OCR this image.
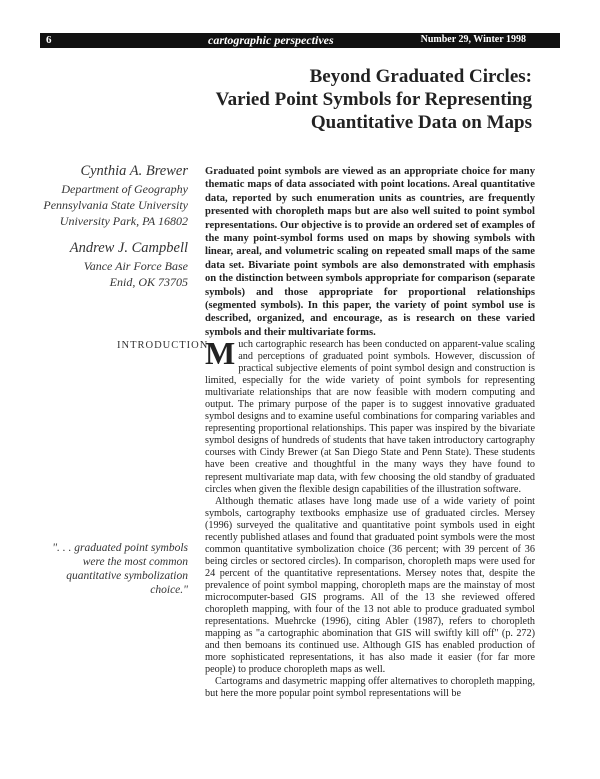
6	cartographic perspectives	Number 29, Winter 1998
Beyond Graduated Circles:
Varied Point Symbols for Representing
Quantitative Data on Maps
Cynthia A. Brewer
Department of Geography
Pennsylvania State University
University Park, PA 16802
Andrew J. Campbell
Vance Air Force Base
Enid, OK 73705
Graduated point symbols are viewed as an appropriate choice for many thematic maps of data associated with point locations. Areal quantitative data, reported by such enumeration units as countries, are frequently presented with choropleth maps but are also well suited to point symbol representations. Our objective is to provide an ordered set of examples of the many point-symbol forms used on maps by showing symbols with linear, areal, and volumetric scaling on repeated small maps of the same data set. Bivariate point symbols are also demonstrated with emphasis on the distinction between symbols appropriate for comparison (separate symbols) and those appropriate for proportional relationships (segmented symbols). In this paper, the variety of point symbol use is described, organized, and encourage, as is research on these varied symbols and their multivariate forms.
INTRODUCTION
". . . graduated point symbols were the most common quantitative symbolization choice."

Much cartographic research has been conducted on apparent-value scaling and perceptions of graduated point symbols. However, discussion of practical subjective elements of point symbol design and construction is limited, especially for the wide variety of point symbols for representing multivariate relationships that are now feasible with modern computing and output. The primary purpose of the paper is to suggest innovative graduated symbol designs and to examine useful combinations for comparing variables and representing proportional relationships. This paper was inspired by the bivariate symbol designs of hundreds of students that have taken introductory cartography courses with Cindy Brewer (at San Diego State and Penn State). These students have been creative and thoughtful in the many ways they have found to represent multivariate map data, with few choosing the old standby of graduated circles when given the flexible design capabilities of the illustration software.

Although thematic atlases have long made use of a wide variety of point symbols, cartography textbooks emphasize use of graduated circles. Mersey (1996) surveyed the qualitative and quantitative point symbols used in eight recently published atlases and found that graduated point symbols were the most common quantitative symbolization choice (36 percent; with 39 percent of 36 being circles or sectored circles). In comparison, choropleth maps were used for 24 percent of the quantitative representations. Mersey notes that, despite the prevalence of point symbol mapping, choropleth maps are the mainstay of most microcomputer-based GIS programs. All of the 13 she reviewed offered choropleth mapping, with four of the 13 not able to produce graduated symbol representations. Muehrcke (1996), citing Abler (1987), refers to choropleth mapping as "a cartographic abomination that GIS will swiftly kill off" (p. 272) and then bemoans its continued use. Although GIS has enabled production of more sophisticated representations, it has also made it easier (for far more people) to produce choropleth maps as well.

Cartograms and dasymetric mapping offer alternatives to choropleth mapping, but here the more popular point symbol representations will be
